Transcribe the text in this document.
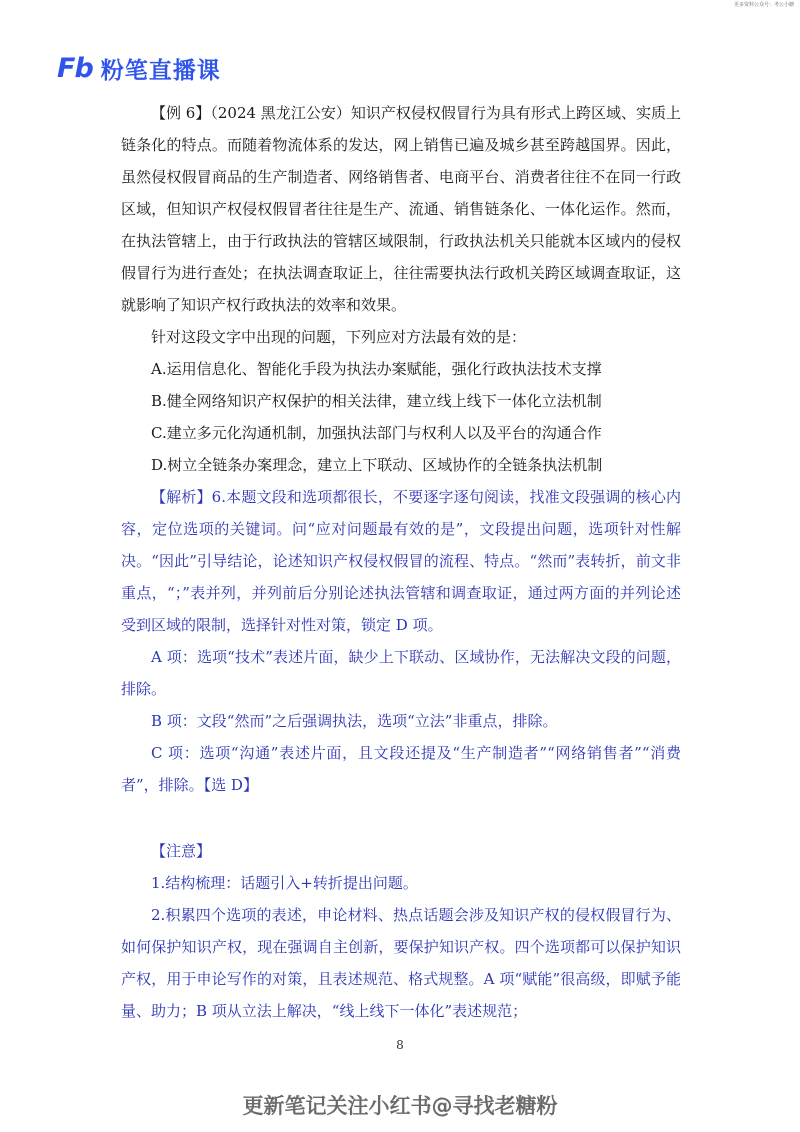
更多资料公众号：考公小糖
Fb 粉笔直播课

【例 6】（2024 黑龙江公安）知识产权侵权假冒行为具有形式上跨区域、实质上链条化的特点。而随着物流体系的发达，网上销售已遍及城乡甚至跨越国界。因此，虽然侵权假冒商品的生产制造者、网络销售者、电商平台、消费者往往不在同一行政区域，但知识产权侵权假冒者往往是生产、流通、销售链条化、一体化运作。然而，在执法管辖上，由于行政执法的管辖区域限制，行政执法机关只能就本区域内的侵权假冒行为进行查处；在执法调查取证上，往往需要执法行政机关跨区域调查取证，这就影响了知识产权行政执法的效率和效果。

针对这段文字中出现的问题，下列应对方法最有效的是：

A.运用信息化、智能化手段为执法办案赋能，强化行政执法技术支撑

B.健全网络知识产权保护的相关法律，建立线上线下一体化立法机制

C.建立多元化沟通机制，加强执法部门与权利人以及平台的沟通合作

D.树立全链条办案理念，建立上下联动、区域协作的全链条执法机制

【解析】6.本题文段和选项都很长，不要逐字逐句阅读，找准文段强调的核心内容，定位选项的关键词。问“应对问题最有效的是”，文段提出问题，选项针对性解决。“因此”引导结论，论述知识产权侵权假冒的流程、特点。“然而”表转折，前文非重点，“；”表并列，并列前后分别论述执法管辖和调查取证，通过两方面的并列论述受到区域的限制，选择针对性对策，锁定 D 项。

A 项：选项“技术”表述片面，缺少上下联动、区域协作，无法解决文段的问题，排除。

B 项：文段“然而”之后强调执法，选项“立法”非重点，排除。

C 项：选项“沟通”表述片面，且文段还提及“生产制造者”“网络销售者”“消费者”，排除。【选 D】

【注意】

1.结构梳理：话题引入+转折提出问题。

2.积累四个选项的表述，申论材料、热点话题会涉及知识产权的侵权假冒行为、如何保护知识产权，现在强调自主创新，要保护知识产权。四个选项都可以保护知识产权，用于申论写作的对策，且表述规范、格式规整。A 项“赋能”很高级，即赋予能量、助力；B 项从立法上解决，“线上线下一体化”表述规范；

8
更新笔记关注小红书@寻找老糖粉
